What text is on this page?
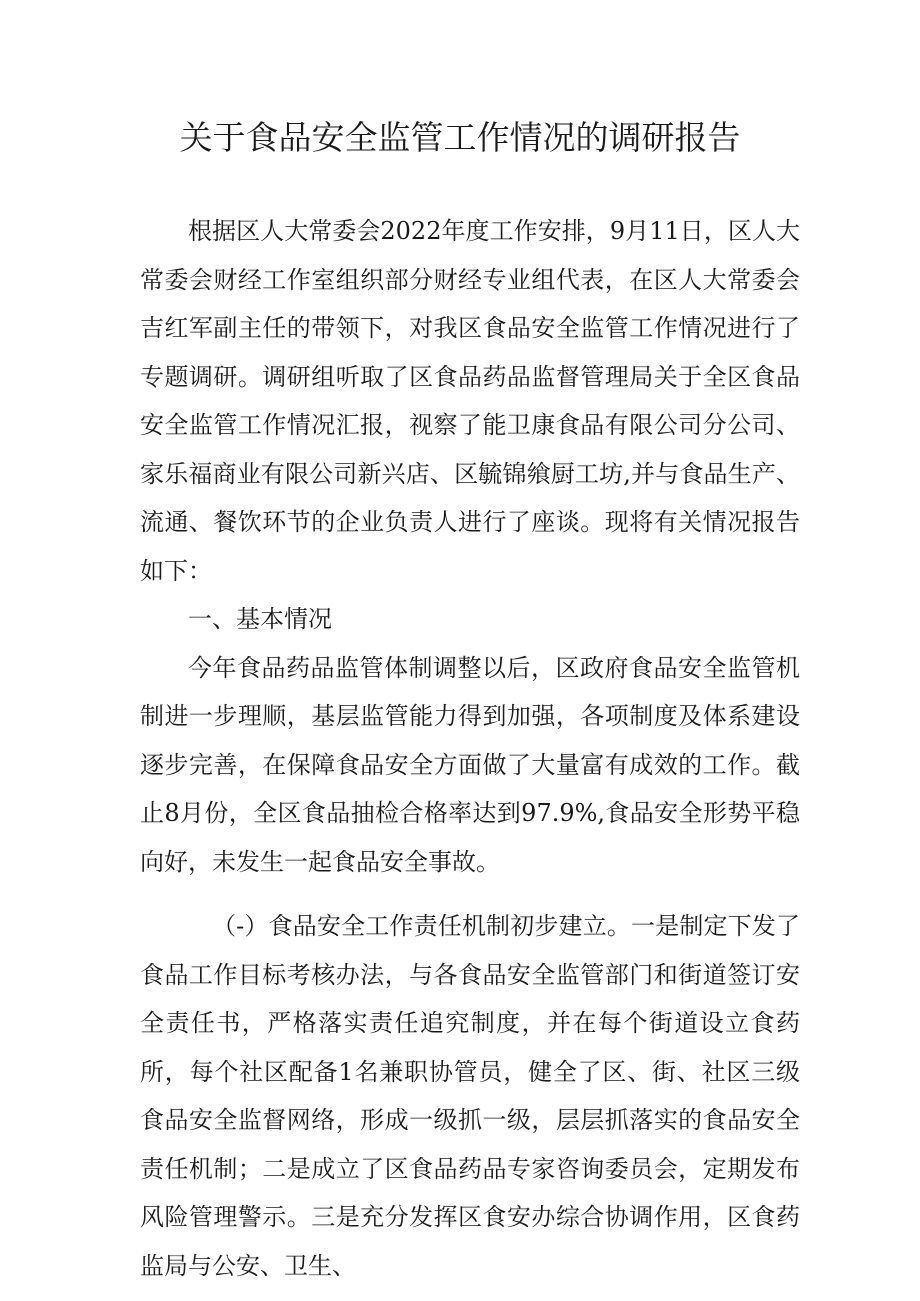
关于食品安全监管工作情况的调研报告

根据区人大常委会2022年度工作安排，9月11日，区人大常委会财经工作室组织部分财经专业组代表，在区人大常委会吉红军副主任的带领下，对我区食品安全监管工作情况进行了专题调研。调研组听取了区食品药品监督管理局关于全区食品安全监管工作情况汇报，视察了能卫康食品有限公司分公司、家乐福商业有限公司新兴店、区毓锦飨厨工坊,并与食品生产、流通、餐饮环节的企业负责人进行了座谈。现将有关情况报告如下：

一、基本情况

今年食品药品监管体制调整以后，区政府食品安全监管机制进一步理顺，基层监管能力得到加强，各项制度及体系建设逐步完善，在保障食品安全方面做了大量富有成效的工作。截止8月份，全区食品抽检合格率达到97.9%,食品安全形势平稳向好，未发生一起食品安全事故。

（-）食品安全工作责任机制初步建立。一是制定下发了食品工作目标考核办法，与各食品安全监管部门和街道签订安全责任书，严格落实责任追究制度，并在每个街道设立食药所，每个社区配备1名兼职协管员，健全了区、街、社区三级食品安全监督网络，形成一级抓一级，层层抓落实的食品安全责任机制；二是成立了区食品药品专家咨询委员会，定期发布风险管理警示。三是充分发挥区食安办综合协调作用，区食药监局与公安、卫生、
